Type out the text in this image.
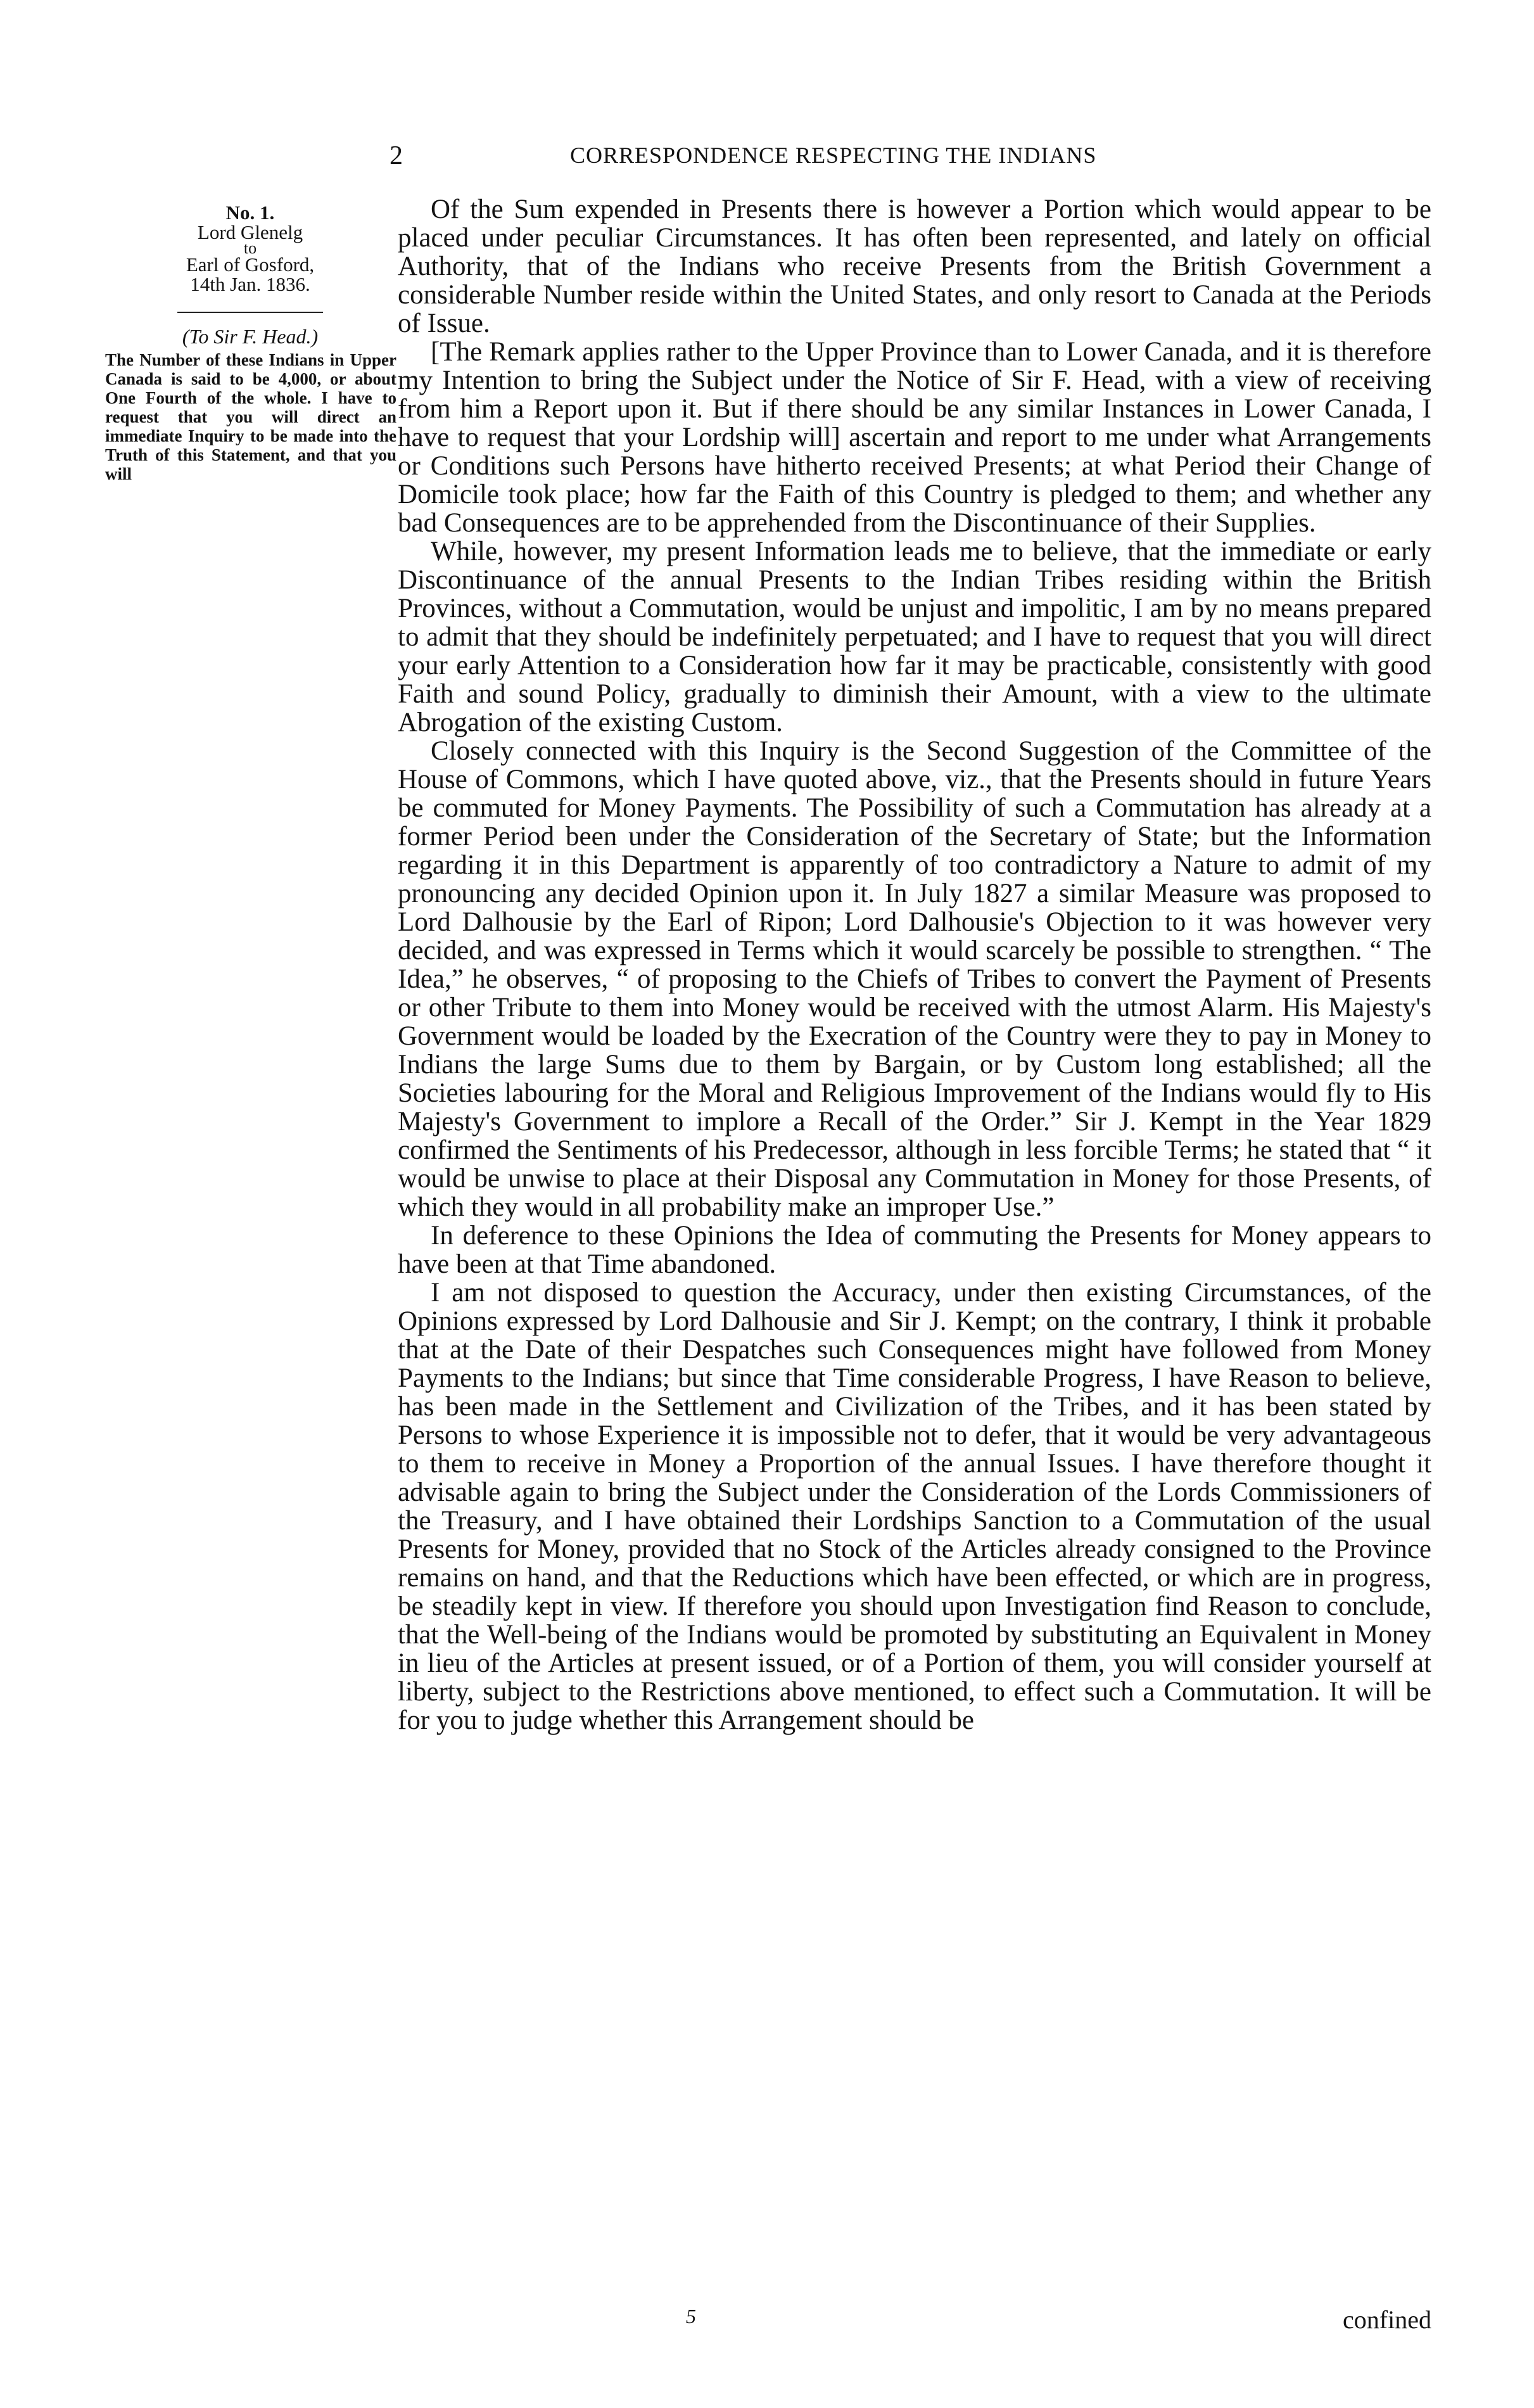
2	CORRESPONDENCE RESPECTING THE INDIANS
No. 1.
Lord Glenelg
to
Earl of Gosford,
14th Jan. 1836.
(To Sir F. Head.)
The Number of these Indians in Upper Canada is said to be 4,000, or about One Fourth of the whole. I have to request that you will direct an immediate Inquiry to be made into the Truth of this Statement, and that you will

Of the Sum expended in Presents there is however a Portion which would appear to be placed under peculiar Circumstances. It has often been represented, and lately on official Authority, that of the Indians who receive Presents from the British Government a considerable Number reside within the United States, and only resort to Canada at the Periods of Issue.

[The Remark applies rather to the Upper Province than to Lower Canada, and it is therefore my Intention to bring the Subject under the Notice of Sir F. Head, with a view of receiving from him a Report upon it. But if there should be any similar Instances in Lower Canada, I have to request that your Lordship will] ascertain and report to me under what Arrangements or Conditions such Persons have hitherto received Presents; at what Period their Change of Domicile took place; how far the Faith of this Country is pledged to them; and whether any bad Consequences are to be apprehended from the Discontinuance of their Supplies.

While, however, my present Information leads me to believe, that the immediate or early Discontinuance of the annual Presents to the Indian Tribes residing within the British Provinces, without a Commutation, would be unjust and impolitic, I am by no means prepared to admit that they should be indefinitely perpetuated; and I have to request that you will direct your early Attention to a Consideration how far it may be practicable, consistently with good Faith and sound Policy, gradually to diminish their Amount, with a view to the ultimate Abrogation of the existing Custom.

Closely connected with this Inquiry is the Second Suggestion of the Committee of the House of Commons, which I have quoted above, viz., that the Presents should in future Years be commuted for Money Payments. The Possibility of such a Commutation has already at a former Period been under the Consideration of the Secretary of State; but the Information regarding it in this Department is apparently of too contradictory a Nature to admit of my pronouncing any decided Opinion upon it. In July 1827 a similar Measure was proposed to Lord Dalhousie by the Earl of Ripon; Lord Dalhousie's Objection to it was however very decided, and was expressed in Terms which it would scarcely be possible to strengthen. “ The Idea,” he observes, “ of proposing to the Chiefs of Tribes to convert the Payment of Presents or other Tribute to them into Money would be received with the utmost Alarm. His Majesty's Government would be loaded by the Execration of the Country were they to pay in Money to Indians the large Sums due to them by Bargain, or by Custom long established; all the Societies labouring for the Moral and Religious Improvement of the Indians would fly to His Majesty's Government to implore a Recall of the Order.” Sir J. Kempt in the Year 1829 confirmed the Sentiments of his Predecessor, although in less forcible Terms; he stated that “ it would be unwise to place at their Disposal any Commutation in Money for those Presents, of which they would in all probability make an improper Use.”

In deference to these Opinions the Idea of commuting the Presents for Money appears to have been at that Time abandoned.

I am not disposed to question the Accuracy, under then existing Circumstances, of the Opinions expressed by Lord Dalhousie and Sir J. Kempt; on the contrary, I think it probable that at the Date of their Despatches such Consequences might have followed from Money Payments to the Indians; but since that Time considerable Progress, I have Reason to believe, has been made in the Settlement and Civilization of the Tribes, and it has been stated by Persons to whose Experience it is impossible not to defer, that it would be very advantageous to them to receive in Money a Proportion of the annual Issues. I have therefore thought it advisable again to bring the Subject under the Consideration of the Lords Commissioners of the Treasury, and I have obtained their Lordships Sanction to a Commutation of the usual Presents for Money, provided that no Stock of the Articles already consigned to the Province remains on hand, and that the Reductions which have been effected, or which are in progress, be steadily kept in view. If therefore you should upon Investigation find Reason to conclude, that the Well-being of the Indians would be promoted by substituting an Equivalent in Money in lieu of the Articles at present issued, or of a Portion of them, you will consider yourself at liberty, subject to the Restrictions above mentioned, to effect such a Commutation. It will be for you to judge whether this Arrangement should be

5	confined
